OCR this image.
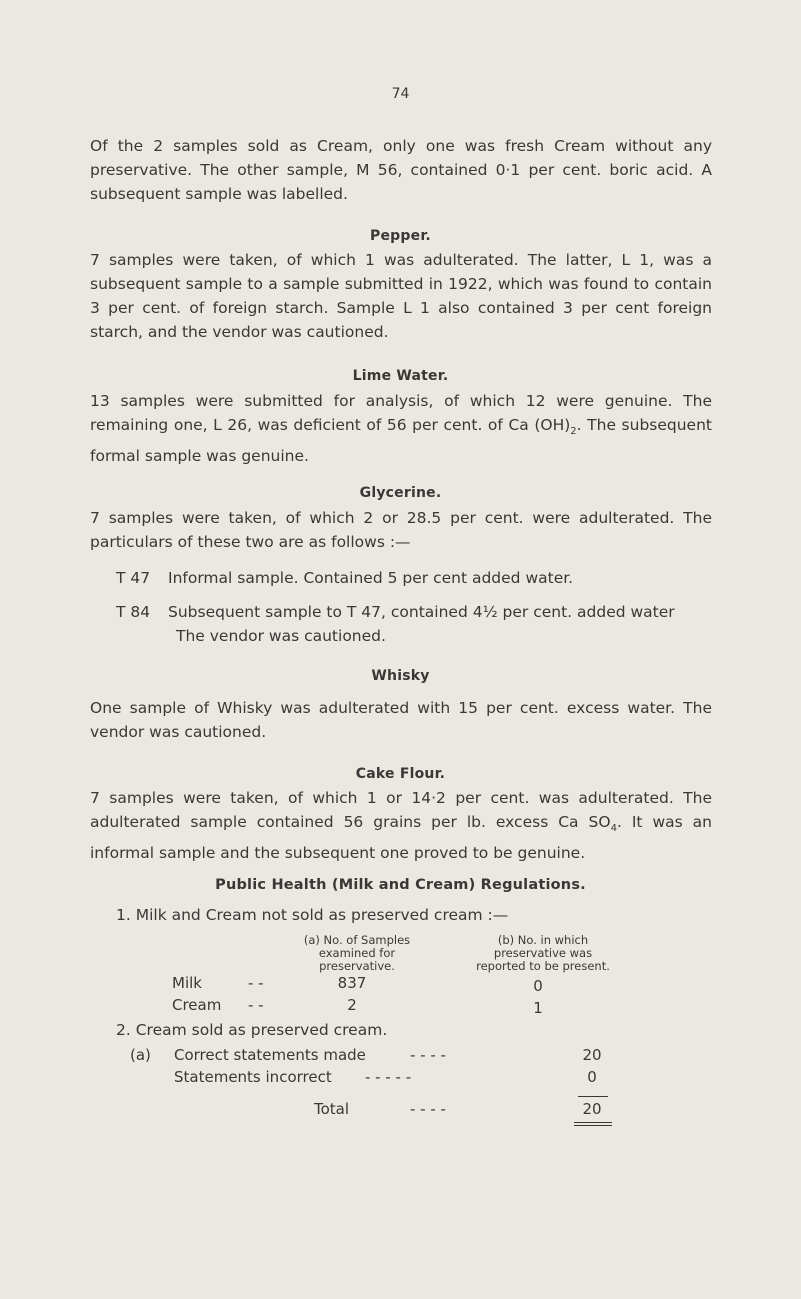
74

Of the 2 samples sold as Cream, only one was fresh Cream without any preservative. The other sample, M 56, contained 0·1 per cent. boric acid. A subsequent sample was labelled.

Pepper.

7 samples were taken, of which 1 was adulterated. The latter, L 1, was a subsequent sample to a sample submitted in 1922, which was found to contain 3 per cent. of foreign starch. Sample L 1 also contained 3 per cent foreign starch, and the vendor was cautioned.

Lime Water.

13 samples were submitted for analysis, of which 12 were genuine. The remaining one, L 26, was deficient of 56 per cent. of Ca $(OH)_2$. The subsequent formal sample was genuine.

Glycerine.

7 samples were taken, of which 2 or 28.5 per cent. were adulterated. The particulars of these two are as follows :—

T 47 Informal sample. Contained 5 per cent added water.
T 84 Subsequent sample to T 47, contained 4½ per cent. added water
The vendor was cautioned.
Whisky

One sample of Whisky was adulterated with 15 per cent. excess water. The vendor was cautioned.

Cake Flour.

7 samples were taken, of which 1 or 14·2 per cent. was adulterated. The adulterated sample contained 56 grains per lb. excess Ca $SO_4$. It was an informal sample and the subsequent one proved to be genuine.

Public Health (Milk and Cream) Regulations.
1. Milk and Cream not sold as preserved cream :—
(a) No. of Samples
examined for
preservative.
(b) No. in which
preservative was
reported to be present.
Milk	- -	837	0
Cream - -	2	1
2. Cream sold as preserved cream.
(a) Correct statements made	- - - -	20
Statements incorrect - - - - -	0
Total	- - - -	20
